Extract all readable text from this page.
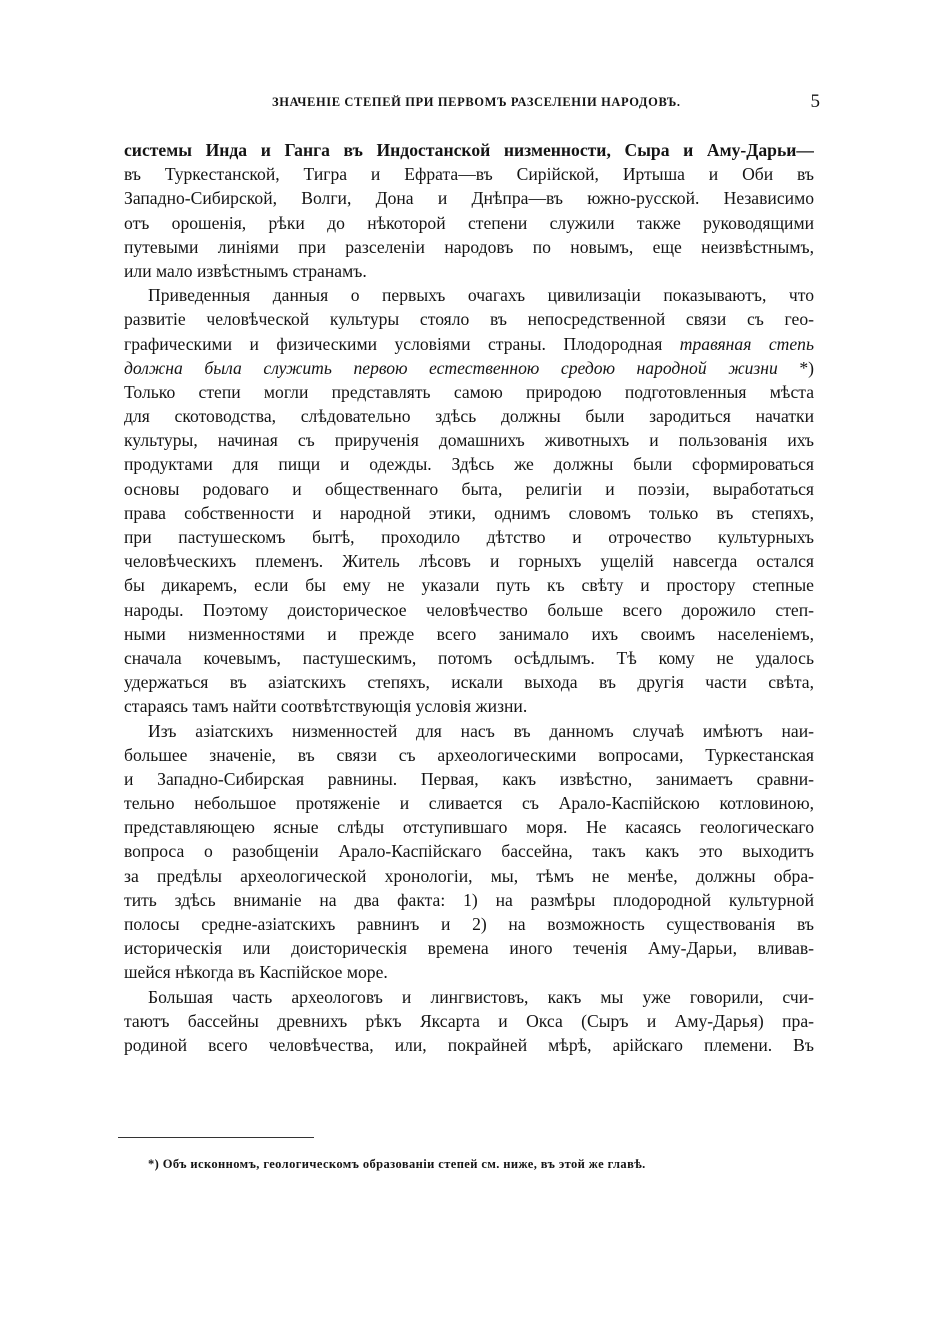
ЗНАЧЕНІЕ СТЕПЕЙ ПРИ ПЕРВОМЪ РАЗСЕЛЕНІИ НАРОДОВЪ.	5
системы Инда и Ганга въ Индостанской низменности, Сыра и Аму-Дарьи—
въ Туркестанской, Тигра и Ефрата—въ Сирійской, Иртыша и Оби въ
Западно-Сибирской, Волги, Дона и Днѣпра—въ южно-русской. Независимо
отъ орошенія, рѣки до нѣкоторой степени служили также руководящими
путевыми линіями при разселеніи народовъ по новымъ, еще неизвѣстнымъ,
или мало извѣстнымъ странамъ.
Приведенныя данныя о первыхъ очагахъ цивилизаціи показываютъ, что
развитіе человѣческой культуры стояло въ непосредственной связи съ гео-
графическими и физическими условіями страны. Плодородная травяная степь
должна была служить первою естественною средою народной жизни *)
Только степи могли представлять самою природою подготовленныя мѣста
для скотоводства, слѣдовательно здѣсь должны были зародиться начатки
культуры, начиная съ прирученія домашнихъ животныхъ и пользованія ихъ
продуктами для пищи и одежды. Здѣсь же должны были сформироваться
основы родоваго и общественнаго быта, религіи и поэзіи, выработаться
права собственности и народной этики, однимъ словомъ только въ степяхъ,
при пастушескомъ бытѣ, проходило дѣтство и отрочество культурныхъ
человѣческихъ племенъ. Житель лѣсовъ и горныхъ ущелій навсегда остался
бы дикаремъ, если бы ему не указали путь къ свѣту и простору степные
народы. Поэтому доисторическое человѣчество больше всего дорожило степ-
ными низменностями и прежде всего занимало ихъ своимъ населеніемъ,
сначала кочевымъ, пастушескимъ, потомъ осѣдлымъ. Тѣ кому не удалось
удержаться въ азіатскихъ степяхъ, искали выхода въ другія части свѣта,
стараясь тамъ найти соотвѣтствующія условія жизни.
Изъ азіатскихъ низменностей для насъ въ данномъ случаѣ имѣютъ наи-
большее значеніе, въ связи съ археологическими вопросами, Туркестанская
и Западно-Сибирская равнины. Первая, какъ извѣстно, занимаетъ сравни-
тельно небольшое протяженіе и сливается съ Арало-Каспійскою котловиною,
представляющею ясные слѣды отступившаго моря. Не касаясь геологическаго
вопроса о разобщеніи Арало-Каспійскаго бассейна, такъ какъ это выходитъ
за предѣлы археологической хронологіи, мы, тѣмъ не менѣе, должны обра-
тить здѣсь вниманіе на два факта: 1) на размѣры плодородной культурной
полосы средне-азіатскихъ равнинъ и 2) на возможность существованія въ
историческія или доисторическія времена иного теченія Аму-Дарьи, вливав-
шейся нѣкогда въ Каспійское море.
Большая часть археологовъ и лингвистовъ, какъ мы уже говорили, счи-
таютъ бассейны древнихъ рѣкъ Яксарта и Окса (Сыръ и Аму-Дарья) пра-
родиной всего человѣчества, или, покрайней мѣрѣ, арійскаго племени. Въ
*) Объ исконномъ, геологическомъ образованіи степей см. ниже, въ этой же главѣ.
